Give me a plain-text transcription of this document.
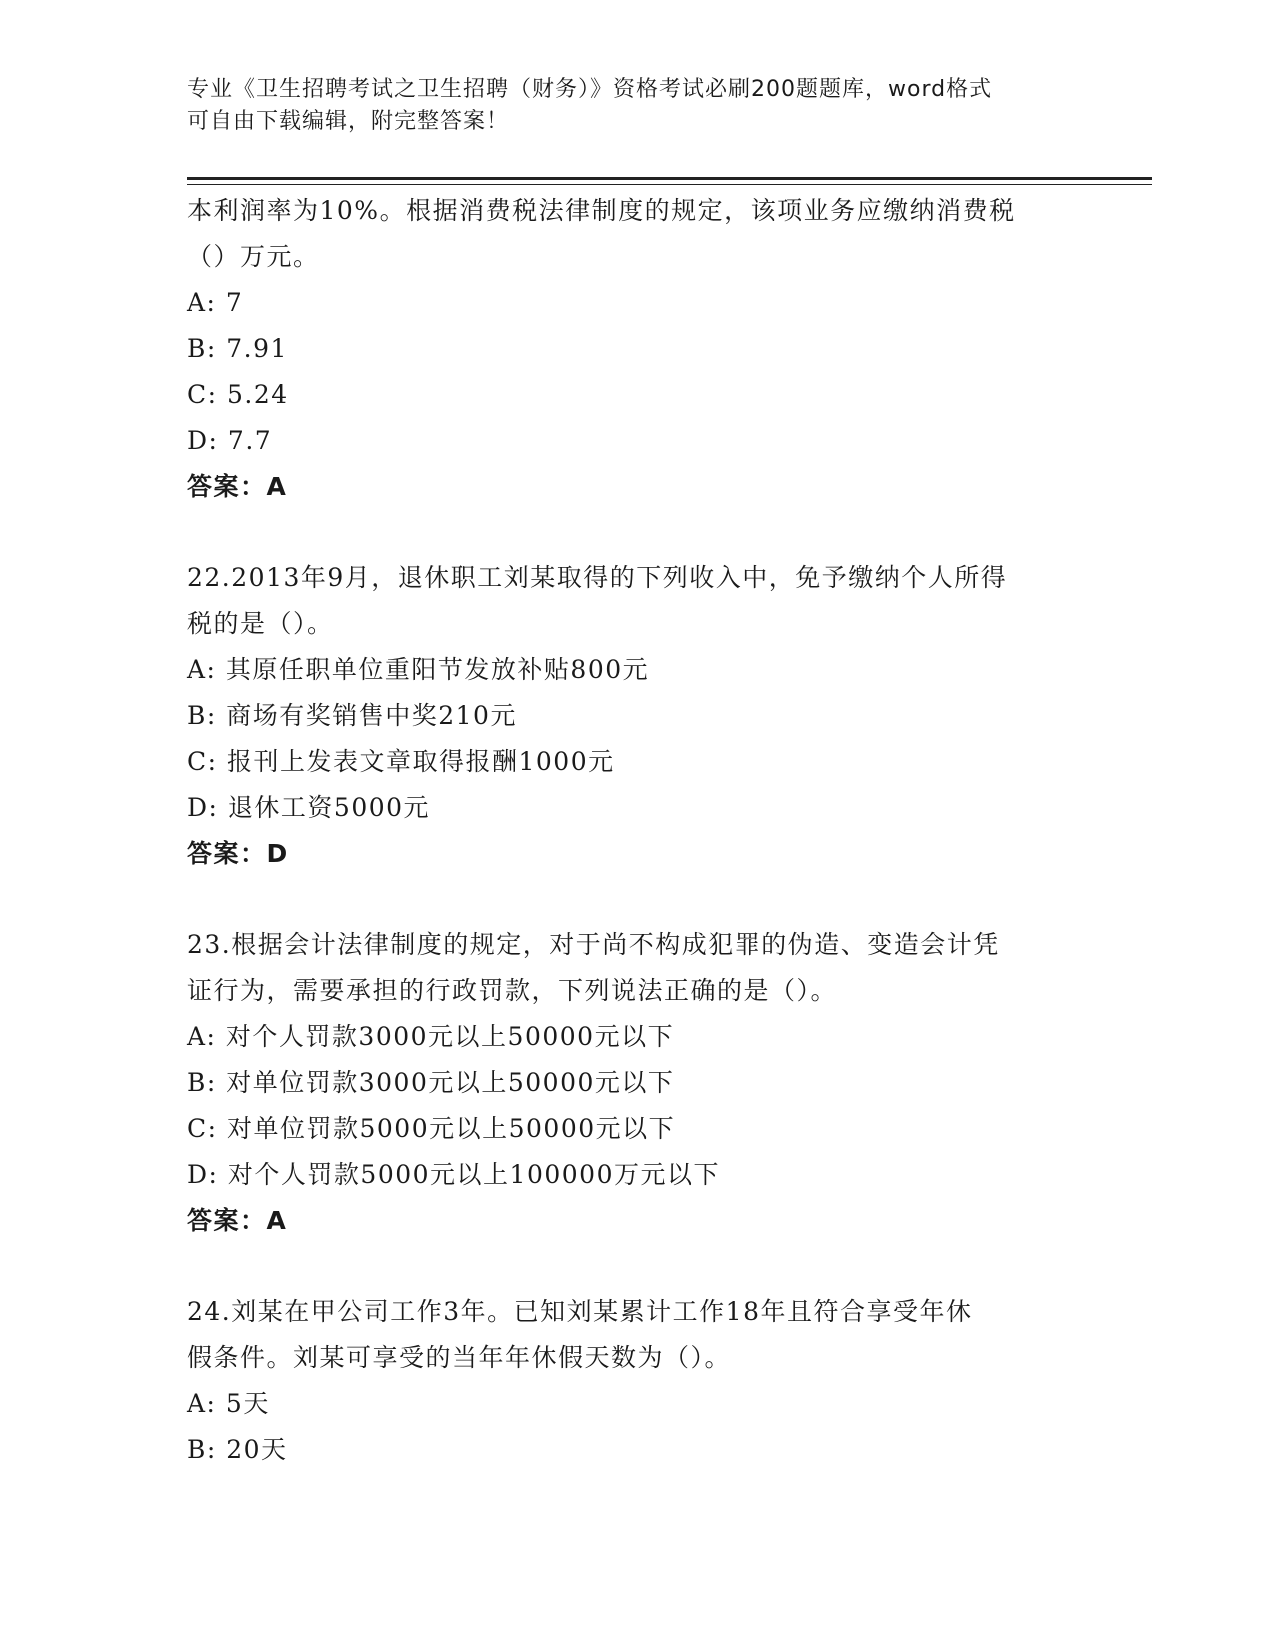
专业《卫生招聘考试之卫生招聘（财务）》资格考试必刷200题题库，word格式
可自由下载编辑，附完整答案！
本利润率为10%。根据消费税法律制度的规定，该项业务应缴纳消费税
（）万元。
A: 7
B: 7.91
C: 5.24
D: 7.7
答案：A
22.2013年9月，退休职工刘某取得的下列收入中，免予缴纳个人所得
税的是（）。
A: 其原任职单位重阳节发放补贴800元
B: 商场有奖销售中奖210元
C: 报刊上发表文章取得报酬1000元
D: 退休工资5000元
答案：D
23.根据会计法律制度的规定，对于尚不构成犯罪的伪造、变造会计凭
证行为，需要承担的行政罚款，下列说法正确的是（）。
A: 对个人罚款3000元以上50000元以下
B: 对单位罚款3000元以上50000元以下
C: 对单位罚款5000元以上50000元以下
D: 对个人罚款5000元以上100000万元以下
答案：A
24.刘某在甲公司工作3年。已知刘某累计工作18年且符合享受年休
假条件。刘某可享受的当年年休假天数为（）。
A: 5天
B: 20天
